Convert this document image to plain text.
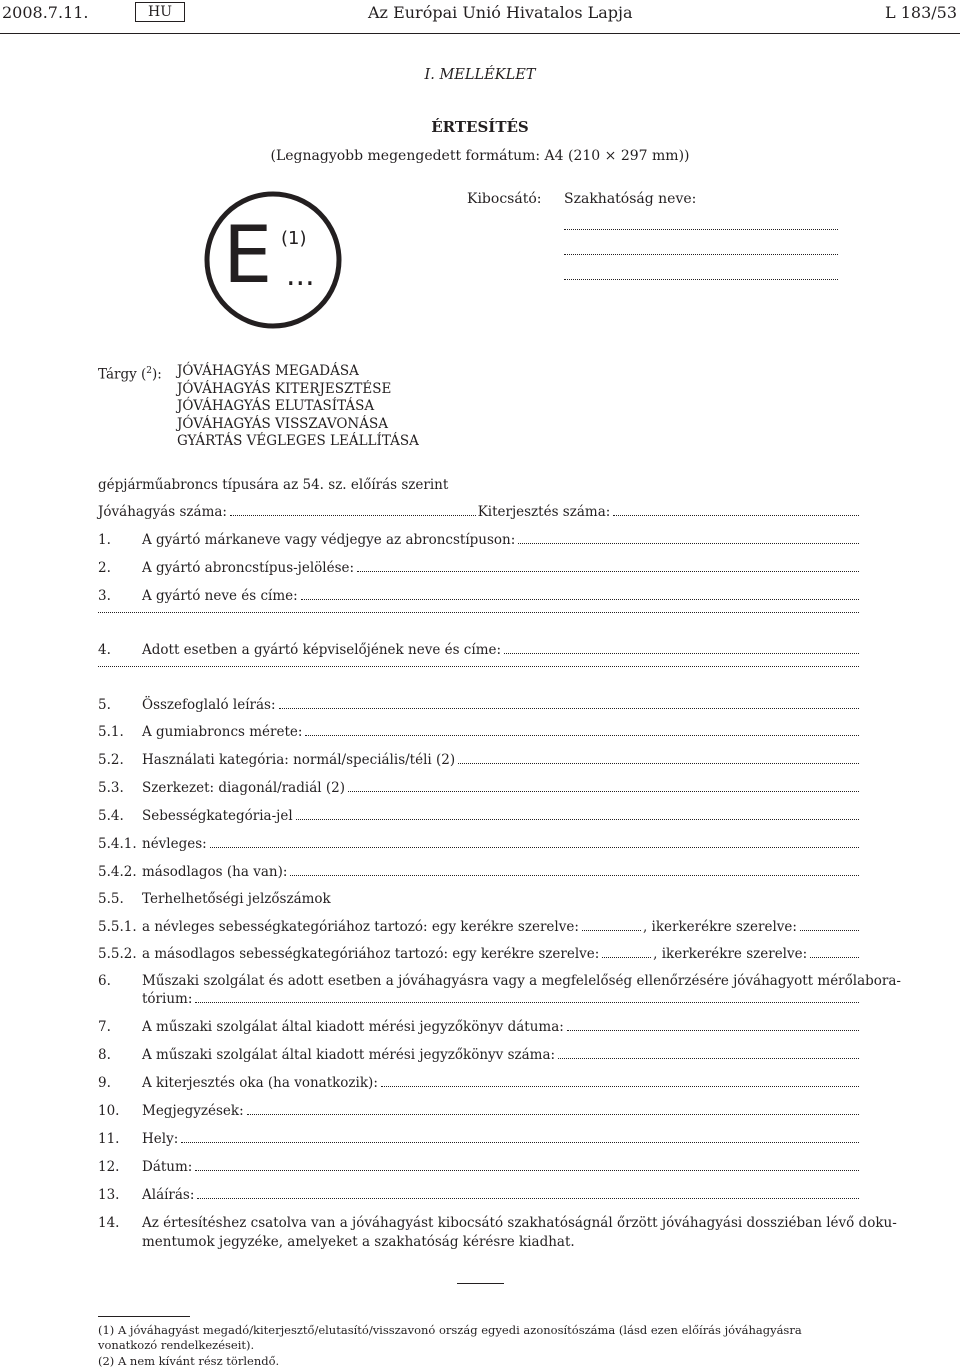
2008.7.11.	HU	Az Európai Unió Hivatalos Lapja	L 183/53
I. MELLÉKLET
ÉRTESÍTÉS
(Legnagyobb megengedett formátum: A4 (210 × 297 mm))
Kibocsátó: Szakhatóság neve:
E (1)
...
Tárgy ($^2$): JÓVÁHAGYÁS MEGADÁSA
JÓVÁHAGYÁS KITERJESZTÉSE
JÓVÁHAGYÁS ELUTASÍTÁSA
JÓVÁHAGYÁS VISSZAVONÁSA
GYÁRTÁS VÉGLEGES LEÁLLÍTÁSA
gépjárműabroncs típusára az 54. sz. előírás szerint
Jóváhagyás száma:	Kiterjesztés száma:
1.	A gyártó márkaneve vagy védjegye az abroncstípuson:
2.	A gyártó abroncstípus-jelölése:
3.	A gyártó neve és címe:
4.	Adott esetben a gyártó képviselőjének neve és címe:
5.	Összefoglaló leírás:
5.1.	A gumiabroncs mérete:
5.2.	Használati kategória: normál/speciális/téli (2)
5.3.	Szerkezet: diagonál/radiál (2)
5.4.	Sebességkategória-jel
5.4.1. névleges:
5.4.2. másodlagos (ha van):
5.5.	Terhelhetőségi jelzőszámok
5.5.1. a névleges sebességkategóriához tartozó: egy kerékre szerelve:	, ikerkerékre szerelve:
5.5.2. a másodlagos sebességkategóriához tartozó: egy kerékre szerelve:	, ikerkerékre szerelve:
6.	Műszaki szolgálat és adott esetben a jóváhagyásra vagy a megfelelőség ellenőrzésére jóváhagyott mérőlabora-
tórium:
7.	A műszaki szolgálat által kiadott mérési jegyzőkönyv dátuma:
8.	A műszaki szolgálat által kiadott mérési jegyzőkönyv száma:
9.	A kiterjesztés oka (ha vonatkozik):
10.	Megjegyzések:
11.	Hely:
12.	Dátum:
13.	Aláírás:
14.	Az értesítéshez csatolva van a jóváhagyást kibocsátó szakhatóságnál őrzött jóváhagyási dossziéban lévő doku-
mentumok jegyzéke, amelyeket a szakhatóság kérésre kiadhat.
(1) A jóváhagyást megadó/kiterjesztő/elutasító/visszavonó ország egyedi azonosítószáma (lásd ezen előírás jóváhagyásra vonatkozó rendelkezéseit).
(2) A nem kívánt rész törlendő.
